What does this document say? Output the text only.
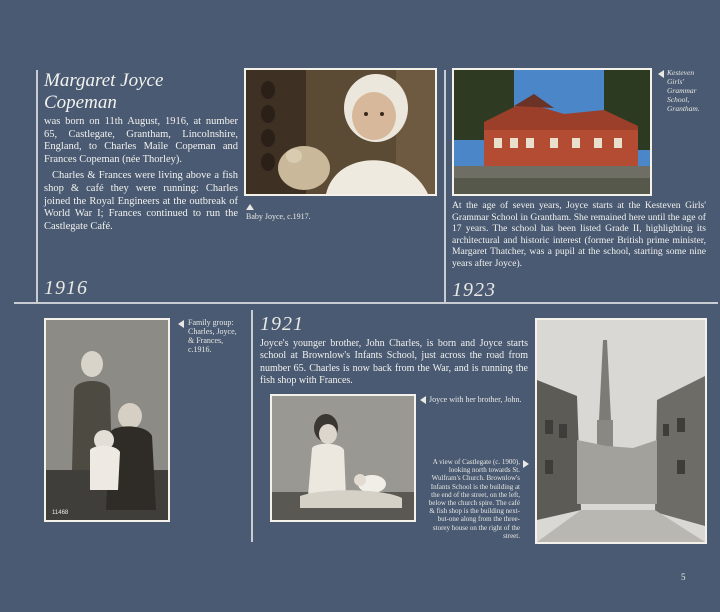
Margaret Joyce Copeman

was born on 11th August, 1916, at number 65, Castlegate, Grantham, Lincolnshire, England, to Charles Maile Copeman and Frances Copeman (née Thorley).

Charles & Frances were living above a fish shop & café they were running: Charles joined the Royal Engineers at the outbreak of World War I; Frances continued to run the Castlegate Café.

1916
Baby Joyce, c.1917.
Kesteven Girls' Grammar School, Grantham.

At the age of seven years, Joyce starts at the Kesteven Girls' Grammar School in Grantham. She remained here until the age of 17 years. The school has been listed Grade II, highlighting its architectural and historic interest (former British prime minister, Margaret Thatcher, was a pupil at the school, starting some nine years after Joyce).

1923
11468
Family group: Charles, Joyce, & Frances, c.1916.
1921

Joyce's younger brother, John Charles, is born and Joyce starts school at Brownlow's Infants School, just across the road from number 65. Charles is now back from the War, and is running the fish shop with Frances.

Joyce with her brother, John.
A view of Castlegate (c. 1900), looking north towards St. Wulfram's Church. Brownlow's Infants School is the building at the end of the street, on the left, below the church spire. The café & fish shop is the building next-but-one along from the three-storey house on the right of the street.
5
